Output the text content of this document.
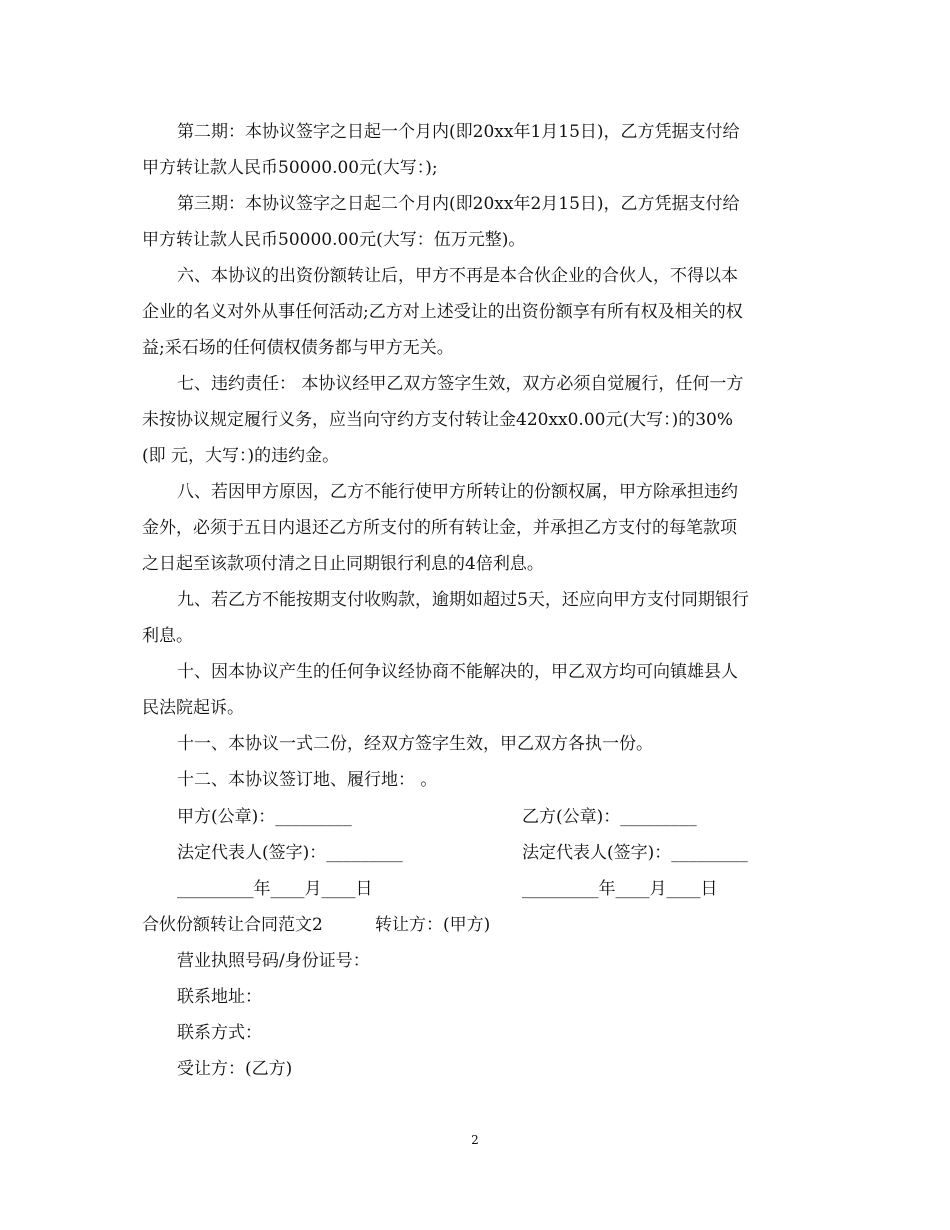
第二期：本协议签字之日起一个月内(即20xx年1月15日)，乙方凭据支付给
甲方转让款人民币50000.00元(大写：);
第三期：本协议签字之日起二个月内(即20xx年2月15日)，乙方凭据支付给
甲方转让款人民币50000.00元(大写：伍万元整)。
六、本协议的出资份额转让后，甲方不再是本合伙企业的合伙人，不得以本
企业的名义对外从事任何活动;乙方对上述受让的出资份额享有所有权及相关的权
益;采石场的任何债权债务都与甲方无关。
七、违约责任： 本协议经甲乙双方签字生效，双方必须自觉履行，任何一方
未按协议规定履行义务，应当向守约方支付转让金420xx0.00元(大写：)的30%
(即 元，大写：)的违约金。
八、若因甲方原因，乙方不能行使甲方所转让的份额权属，甲方除承担违约
金外，必须于五日内退还乙方所支付的所有转让金，并承担乙方支付的每笔款项
之日起至该款项付清之日止同期银行利息的4倍利息。
九、若乙方不能按期支付收购款，逾期如超过5天，还应向甲方支付同期银行
利息。
十、因本协议产生的任何争议经协商不能解决的，甲乙双方均可向镇雄县人
民法院起诉。
十一、本协议一式二份，经双方签字生效，甲乙双方各执一份。
十二、本协议签订地、履行地： 。
甲方(公章)：_________	乙方(公章)：_________
法定代表人(签字)：_________	法定代表人(签字)：_________
_________年____月____日	_________年____月____日
合伙份额转让合同范文2	转让方：(甲方)
营业执照号码/身份证号：
联系地址：
联系方式：
受让方：(乙方)
2
